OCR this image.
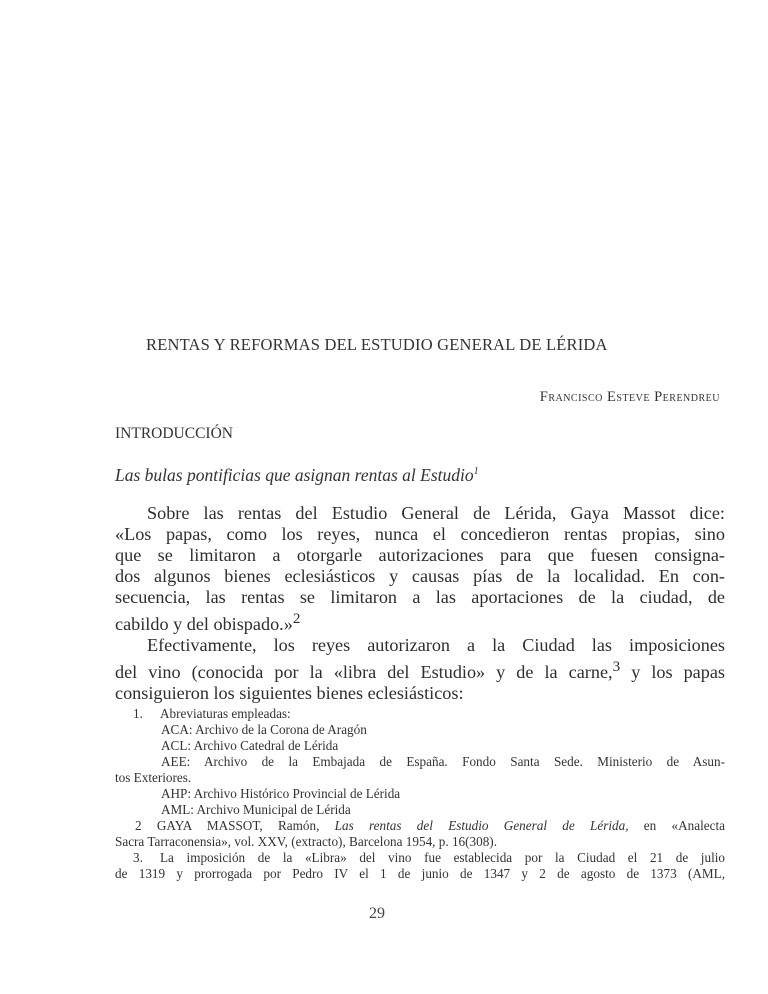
RENTAS Y REFORMAS DEL ESTUDIO GENERAL DE LÉRIDA
Francisco Esteve Perendreu
INTRODUCCIÓN
Las bulas pontificias que asignan rentas al Estudio$^1$
Sobre las rentas del Estudio General de Lérida, Gaya Massot dice:
«Los papas, como los reyes, nunca el concedieron rentas propias, sino
que se limitaron a otorgarle autorizaciones para que fuesen consigna-
dos algunos bienes eclesiásticos y causas pías de la localidad. En con-
secuencia, las rentas se limitaron a las aportaciones de la ciudad, de
cabildo y del obispado.»$^2$
Efectivamente, los reyes autorizaron a la Ciudad las imposiciones
del vino (conocida por la «libra del Estudio» y de la carne,$^3$ y los papas
consiguieron los siguientes bienes eclesiásticos:
1. Abreviaturas empleadas:
ACA: Archivo de la Corona de Aragón
ACL: Archivo Catedral de Lérida
AEE: Archivo de la Embajada de España. Fondo Santa Sede. Ministerio de Asun-
tos Exteriores.
AHP: Archivo Histórico Provincial de Lérida
AML: Archivo Municipal de Lérida
2 GAYA MASSOT, Ramón, Las rentas del Estudio General de Lérida, en «Analecta
Sacra Tarraconensia», vol. XXV, (extracto), Barcelona 1954, p. 16(308).
3. La imposición de la «Libra» del vino fue establecida por la Ciudad el 21 de julio
de 1319 y prorrogada por Pedro IV el 1 de junio de 1347 y 2 de agosto de 1373 (AML,
29
